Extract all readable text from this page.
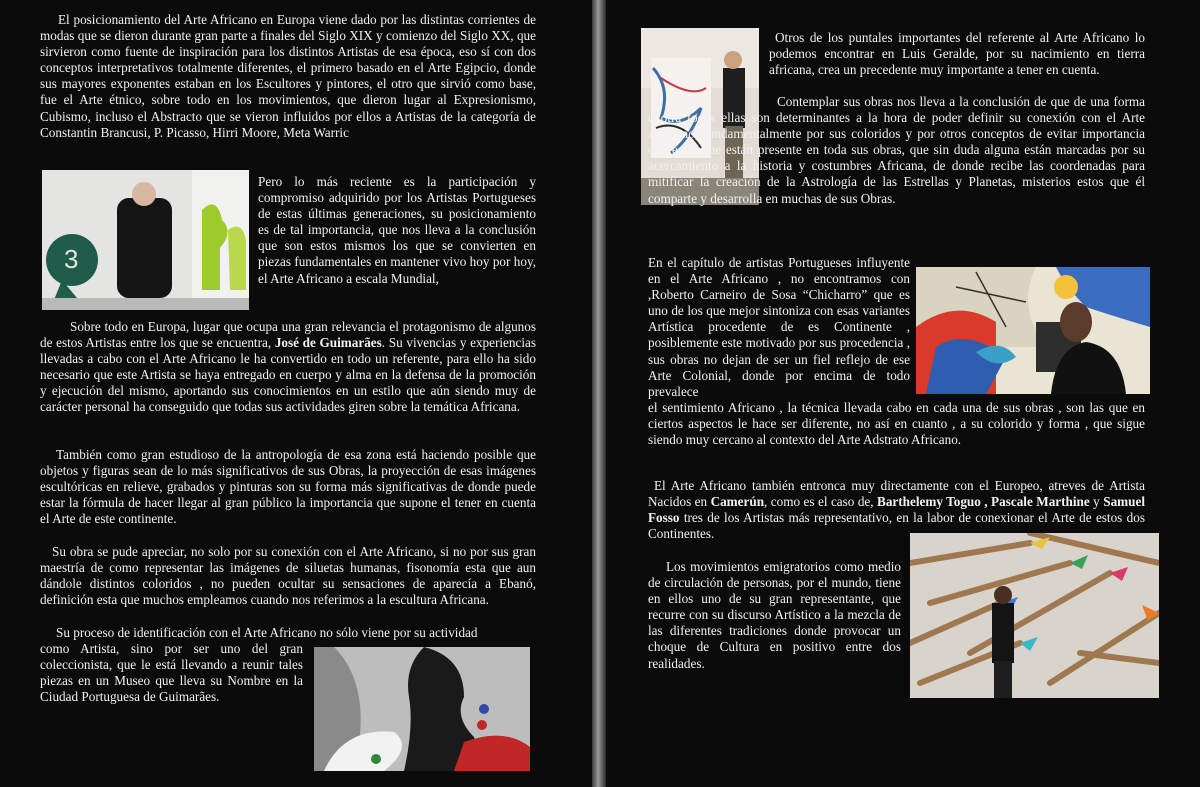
El posicionamiento del Arte Africano en Europa viene dado por las distintas corrientes de modas que se dieron durante gran parte a finales del Siglo XIX y comienzo del Siglo XX, que sirvieron como fuente de inspiración para los distintos Artistas de esa época, eso sí con dos conceptos interpretativos totalmente diferentes, el primero basado en el Arte Egipcio, donde sus mayores exponentes estaban en los Escultores y pintores, el otro que sirvió como base, fue el Arte étnico, sobre todo en los movimientos, que dieron lugar al Expresionismo, Cubismo, incluso el Abstracto que se vieron influidos por ellos a Artistas de la categoría de Constantin Brancusi, P. Picasso, Hirri Moore, Meta Warric

3

Pero lo más reciente es la participación y compromiso adquirido por los Artistas Portugueses de estas últimas generaciones, su posicionamiento es de tal importancia, que nos lleva a la conclusión que son estos mismos los que se convierten en piezas fundamentales en mantener vivo hoy por hoy, el Arte Africano a escala Mundial,

Sobre todo en Europa, lugar que ocupa una gran relevancia el protagonismo de algunos de estos Artistas entre los que se encuentra, José de Guimarães. Su vivencias y experiencias llevadas a cabo con el Arte Africano le ha convertido en todo un referente, para ello ha sido necesario que este Artista se haya entregado en cuerpo y alma en la defensa de la promoción y ejecución del mismo, aportando sus conocimientos en un estilo que aún siendo muy de carácter personal ha conseguido que todas sus actividades giren sobre la temática Africana.

También como gran estudioso de la antropología de esa zona está haciendo posible que objetos y figuras sean de lo más significativos de sus Obras, la proyección de esas imágenes escultóricas en relieve, grabados y pinturas son su forma más significativas de donde puede estar la fórmula de hacer llegar al gran público la importancia que supone el tener en cuenta el Arte de este continente.

Su obra se pude apreciar, no solo por su conexión con el Arte Africano, si no por sus gran maestría de como representar las imágenes de siluetas humanas, fisonomía esta que aun dándole distintos coloridos , no pueden ocultar su sensaciones de aparecía a Ebanó, definición esta que muchos empleamos cuando nos referimos a la escultura Africana.

Su proceso de identificación con el Arte Africano no sólo viene por su actividad

como Artista, sino por ser uno del gran coleccionista, que le está llevando a reunir tales piezas en un Museo que lleva su Nombre en la Ciudad Portuguesa de Guimarães.

Otros de los puntales importantes del referente al Arte Africano lo podemos encontrar en Luis Geralde, por su nacimiento en tierra africana, crea un precedente muy importante a tener en cuenta.

Contemplar sus obras nos lleva a la conclusión de que de una forma u otra todas ellas son determinantes a la hora de poder definir su conexión con el Arte Africano, fundamentalmente por sus coloridos y por otros conceptos de evitar importancia que es el que están presente en toda sus obras, que sin duda alguna están marcadas por su acercamiento a la historia y costumbres Africana, de donde recibe las coordenadas para mitificar la creación de la Astrología de las Estrellas y Planetas, misterios estos que él comparte y desarrolla en muchas de sus Obras.

En el capítulo de artistas Portugueses influyente en el Arte Africano , no encontramos con ,Roberto Carneiro de Sosa “Chicharro” que es uno de los que mejor sintoniza con esas variantes Artística procedente de es Continente , posiblemente este motivado por sus procedencia , sus obras no dejan de ser un fiel reflejo de ese Arte Colonial, donde por encima de todo prevalece

el sentimiento Africano , la técnica llevada cabo en cada una de sus obras , son las que en ciertos aspectos le hace ser diferente, no así en cuanto , a su colorido y forma , que sigue siendo muy cercano al contexto del Arte Adstrato Africano.

El Arte Africano también entronca muy directamente con el Europeo, atreves de Artista Nacidos en Camerún, como es el caso de, Barthelemy Toguo , Pascale Marthine y Samuel Fosso tres de los Artistas más representativo, en la labor de conexionar el Arte de estos dos Continentes.

Los movimientos emigratorios como medio de circulación de personas, por el mundo, tiene en ellos uno de su gran representante, que recurre con su discurso Artístico a la mezcla de las diferentes tradiciones donde provocar un choque de Cultura en positivo entre dos realidades.
